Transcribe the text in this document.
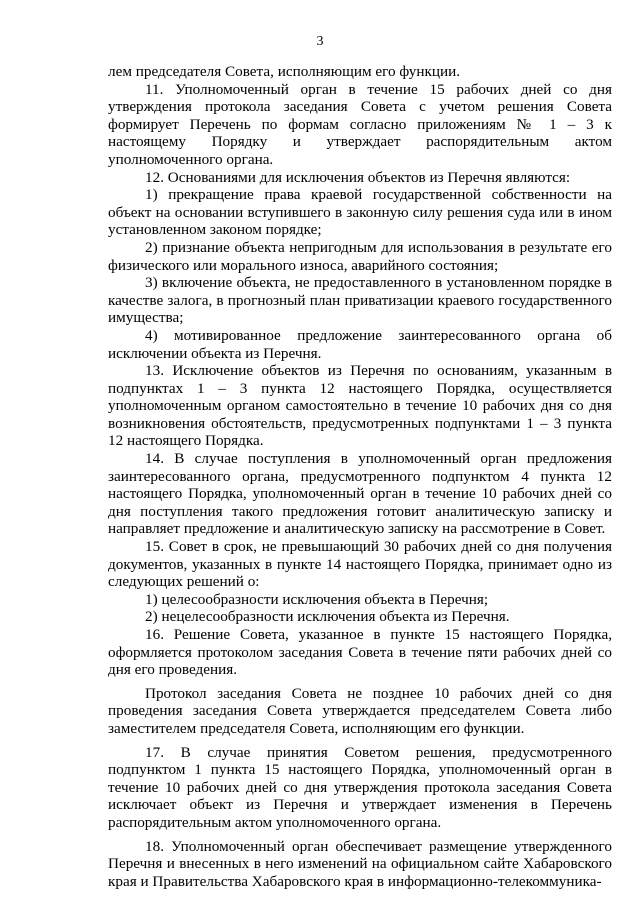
3

лем председателя Совета, исполняющим его функции.

11. Уполномоченный орган в течение 15 рабочих дней со дня утверждения протокола заседания Совета с учетом решения Совета формирует Перечень по формам согласно приложениям № 1 – 3 к настоящему Порядку и утверждает распорядительным актом уполномоченного органа.

12. Основаниями для исключения объектов из Перечня являются:

1) прекращение права краевой государственной собственности на объект на основании вступившего в законную силу решения суда или в ином установленном законом порядке;

2) признание объекта непригодным для использования в результате его физического или морального износа, аварийного состояния;

3) включение объекта, не предоставленного в установленном порядке в качестве залога, в прогнозный план приватизации краевого государственного имущества;

4) мотивированное предложение заинтересованного органа об исключении объекта из Перечня.

13. Исключение объектов из Перечня по основаниям, указанным в подпунктах 1 – 3 пункта 12 настоящего Порядка, осуществляется уполномоченным органом самостоятельно в течение 10 рабочих дня со дня возникновения обстоятельств, предусмотренных подпунктами 1 – 3 пункта 12 настоящего Порядка.

14. В случае поступления в уполномоченный орган предложения заинтересованного органа, предусмотренного подпунктом 4 пункта 12 настоящего Порядка, уполномоченный орган в течение 10 рабочих дней со дня поступления такого предложения готовит аналитическую записку и направляет предложение и аналитическую записку на рассмотрение в Совет.

15. Совет в срок, не превышающий 30 рабочих дней со дня получения документов, указанных в пункте 14 настоящего Порядка, принимает одно из следующих решений о:

1) целесообразности исключения объекта в Перечня;

2) нецелесообразности исключения объекта из Перечня.

16. Решение Совета, указанное в пункте 15 настоящего Порядка, оформляется протоколом заседания Совета в течение пяти рабочих дней со дня его проведения.

Протокол заседания Совета не позднее 10 рабочих дней со дня проведения заседания Совета утверждается председателем Совета либо заместителем председателя Совета, исполняющим его функции.

17. В случае принятия Советом решения, предусмотренного подпунктом 1 пункта 15 настоящего Порядка, уполномоченный орган в течение 10 рабочих дней со дня утверждения протокола заседания Совета исключает объект из Перечня и утверждает изменения в Перечень распорядительным актом уполномоченного органа.

18. Уполномоченный орган обеспечивает размещение утвержденного Перечня и внесенных в него изменений на официальном сайте Хабаровского края и Правительства Хабаровского края в информационно-телекоммуника-
